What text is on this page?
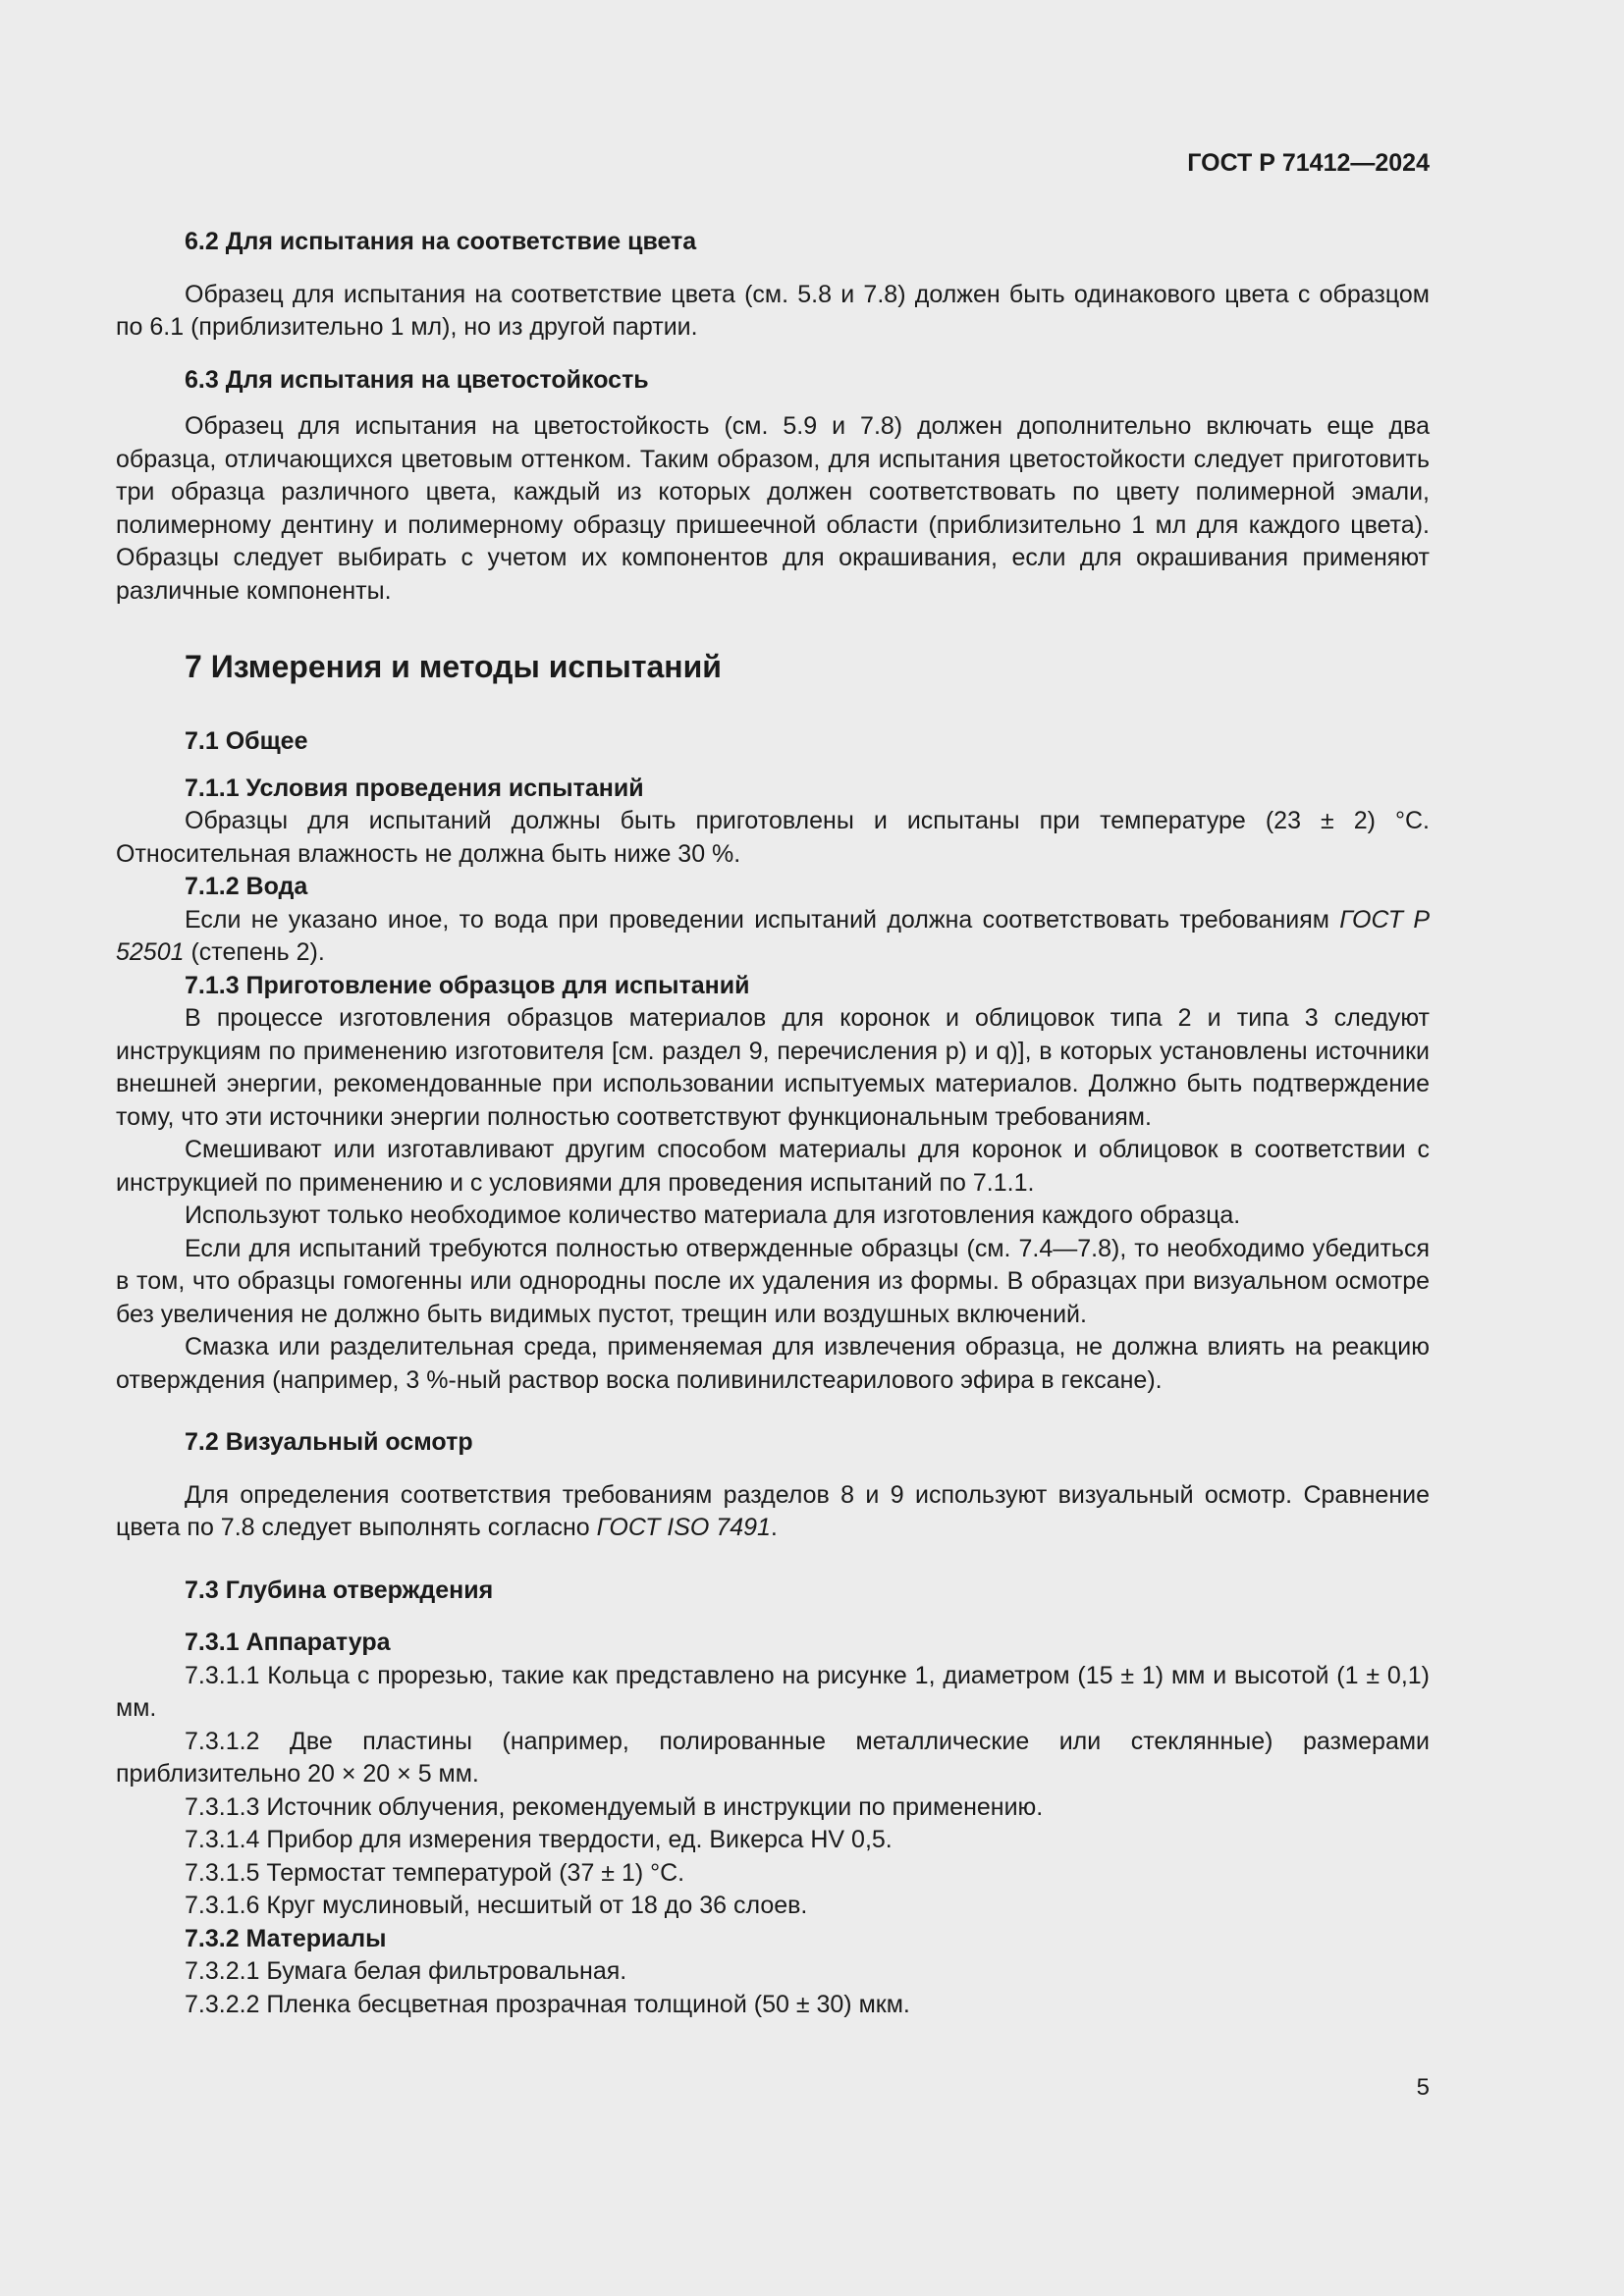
ГОСТ Р 71412—2024
6.2 Для испытания на соответствие цвета

Образец для испытания на соответствие цвета (см. 5.8 и 7.8) должен быть одинакового цвета с образцом по 6.1 (приблизительно 1 мл), но из другой партии.

6.3 Для испытания на цветостойкость

Образец для испытания на цветостойкость (см. 5.9 и 7.8) должен дополнительно включать еще два образца, отличающихся цветовым оттенком. Таким образом, для испытания цветостойкости следует приготовить три образца различного цвета, каждый из которых должен соответствовать по цвету полимерной эмали, полимерному дентину и полимерному образцу пришеечной области (приблизительно 1 мл для каждого цвета). Образцы следует выбирать с учетом их компонентов для окрашивания, если для окрашивания применяют различные компоненты.

7 Измерения и методы испытаний
7.1 Общее
7.1.1 Условия проведения испытаний

Образцы для испытаний должны быть приготовлены и испытаны при температуре (23 ± 2) °С. Относительная влажность не должна быть ниже 30 %.

7.1.2 Вода

Если не указано иное, то вода при проведении испытаний должна соответствовать требованиям ГОСТ Р 52501 (степень 2).

7.1.3 Приготовление образцов для испытаний

В процессе изготовления образцов материалов для коронок и облицовок типа 2 и типа 3 следуют инструкциям по применению изготовителя [см. раздел 9, перечисления p) и q)], в которых установлены источники внешней энергии, рекомендованные при использовании испытуемых материалов. Должно быть подтверждение тому, что эти источники энергии полностью соответствуют функциональным требованиям.

Смешивают или изготавливают другим способом материалы для коронок и облицовок в соответствии с инструкцией по применению и с условиями для проведения испытаний по 7.1.1.

Используют только необходимое количество материала для изготовления каждого образца.

Если для испытаний требуются полностью отвержденные образцы (см. 7.4—7.8), то необходимо убедиться в том, что образцы гомогенны или однородны после их удаления из формы. В образцах при визуальном осмотре без увеличения не должно быть видимых пустот, трещин или воздушных включений.

Смазка или разделительная среда, применяемая для извлечения образца, не должна влиять на реакцию отверждения (например, 3 %-ный раствор воска поливинилстеарилового эфира в гексане).

7.2 Визуальный осмотр

Для определения соответствия требованиям разделов 8 и 9 используют визуальный осмотр. Сравнение цвета по 7.8 следует выполнять согласно ГОСТ ISO 7491.

7.3 Глубина отверждения
7.3.1 Аппаратура

7.3.1.1 Кольца с прорезью, такие как представлено на рисунке 1, диаметром (15 ± 1) мм и высотой (1 ± 0,1) мм.

7.3.1.2 Две пластины (например, полированные металлические или стеклянные) размерами приблизительно 20 × 20 × 5 мм.

7.3.1.3 Источник облучения, рекомендуемый в инструкции по применению.

7.3.1.4 Прибор для измерения твердости, ед. Викерса HV 0,5.

7.3.1.5 Термостат температурой (37 ± 1) °С.

7.3.1.6 Круг муслиновый, несшитый от 18 до 36 слоев.

7.3.2 Материалы

7.3.2.1 Бумага белая фильтровальная.

7.3.2.2 Пленка бесцветная прозрачная толщиной (50 ± 30) мкм.

5
